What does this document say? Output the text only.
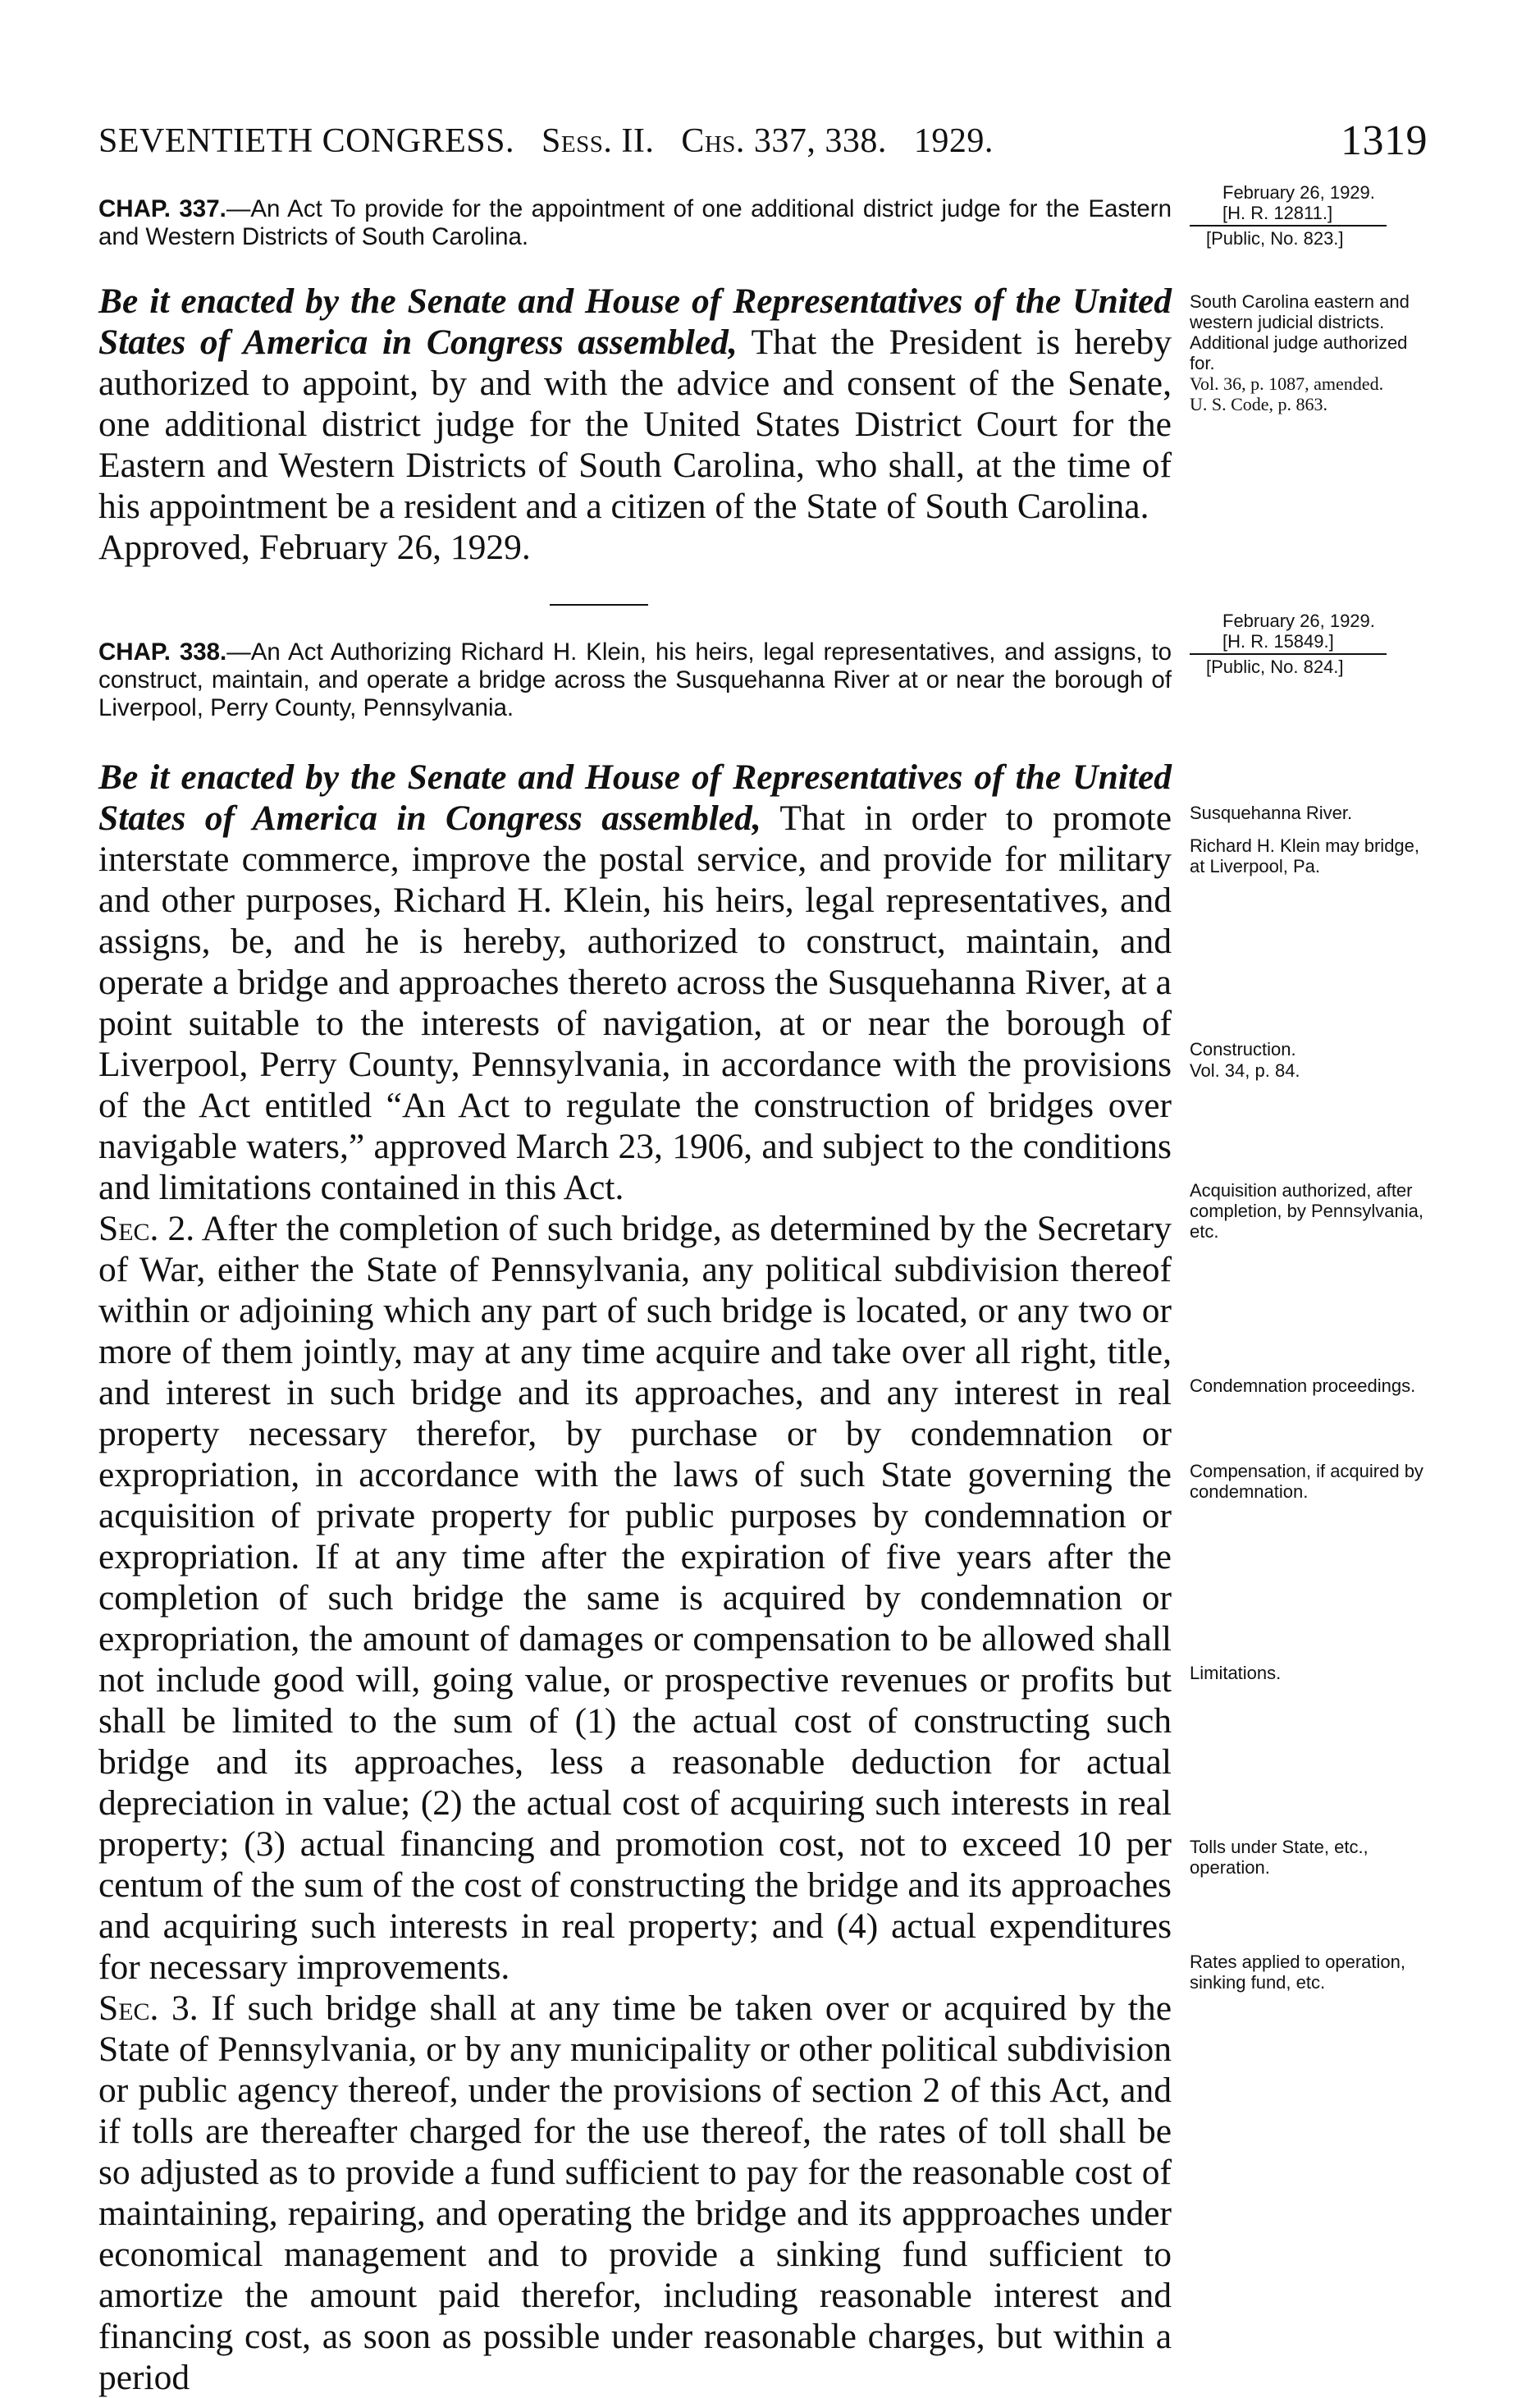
SEVENTIETH CONGRESS. Sess. II. Chs. 337, 338. 1929.	1319
CHAP. 337.—An Act To provide for the appointment of one additional district judge for the Eastern and Western Districts of South Carolina.

Be it enacted by the Senate and House of Representatives of the United States of America in Congress assembled, That the President is hereby authorized to appoint, by and with the advice and consent of the Senate, one additional district judge for the United States District Court for the Eastern and Western Districts of South Carolina, who shall, at the time of his appointment be a resident and a citizen of the State of South Carolina.

Approved, February 26, 1929.

February 26, 1929.
[H. R. 12811.]
[Public, No. 823.]
South Carolina eastern and western judicial districts.
Additional judge authorized for.
Vol. 36, p. 1087, amended.
U. S. Code, p. 863.
CHAP. 338.—An Act Authorizing Richard H. Klein, his heirs, legal representatives, and assigns, to construct, maintain, and operate a bridge across the Susquehanna River at or near the borough of Liverpool, Perry County, Pennsylvania.

Be it enacted by the Senate and House of Representatives of the United States of America in Congress assembled, That in order to promote interstate commerce, improve the postal service, and provide for military and other purposes, Richard H. Klein, his heirs, legal representatives, and assigns, be, and he is hereby, authorized to construct, maintain, and operate a bridge and approaches thereto across the Susquehanna River, at a point suitable to the interests of navigation, at or near the borough of Liverpool, Perry County, Pennsylvania, in accordance with the provisions of the Act entitled “An Act to regulate the construction of bridges over navigable waters,” approved March 23, 1906, and subject to the conditions and limitations contained in this Act.

Sec. 2. After the completion of such bridge, as determined by the Secretary of War, either the State of Pennsylvania, any political subdivision thereof within or adjoining which any part of such bridge is located, or any two or more of them jointly, may at any time acquire and take over all right, title, and interest in such bridge and its approaches, and any interest in real property necessary therefor, by purchase or by condemnation or expropriation, in accordance with the laws of such State governing the acquisition of private property for public purposes by condemnation or expropriation. If at any time after the expiration of five years after the completion of such bridge the same is acquired by condemnation or expropriation, the amount of damages or compensation to be allowed shall not include good will, going value, or prospective revenues or profits but shall be limited to the sum of (1) the actual cost of constructing such bridge and its approaches, less a reasonable deduction for actual depreciation in value; (2) the actual cost of acquiring such interests in real property; (3) actual financing and promotion cost, not to exceed 10 per centum of the sum of the cost of constructing the bridge and its approaches and acquiring such interests in real property; and (4) actual expenditures for necessary improvements.

Sec. 3. If such bridge shall at any time be taken over or acquired by the State of Pennsylvania, or by any municipality or other political subdivision or public agency thereof, under the provisions of section 2 of this Act, and if tolls are thereafter charged for the use thereof, the rates of toll shall be so adjusted as to provide a fund sufficient to pay for the reasonable cost of maintaining, repairing, and operating the bridge and its appproaches under economical management and to provide a sinking fund sufficient to amortize the amount paid therefor, including reasonable interest and financing cost, as soon as possible under reasonable charges, but within a period

February 26, 1929.
[H. R. 15849.]
[Public, No. 824.]
Susquehanna River.
Richard H. Klein may bridge, at Liverpool, Pa.
Construction.
Vol. 34, p. 84.
Acquisition authorized, after completion, by Pennsylvania, etc.
Condemnation proceedings.
Compensation, if acquired by condemnation.
Limitations.
Tolls under State, etc., operation.
Rates applied to operation, sinking fund, etc.
